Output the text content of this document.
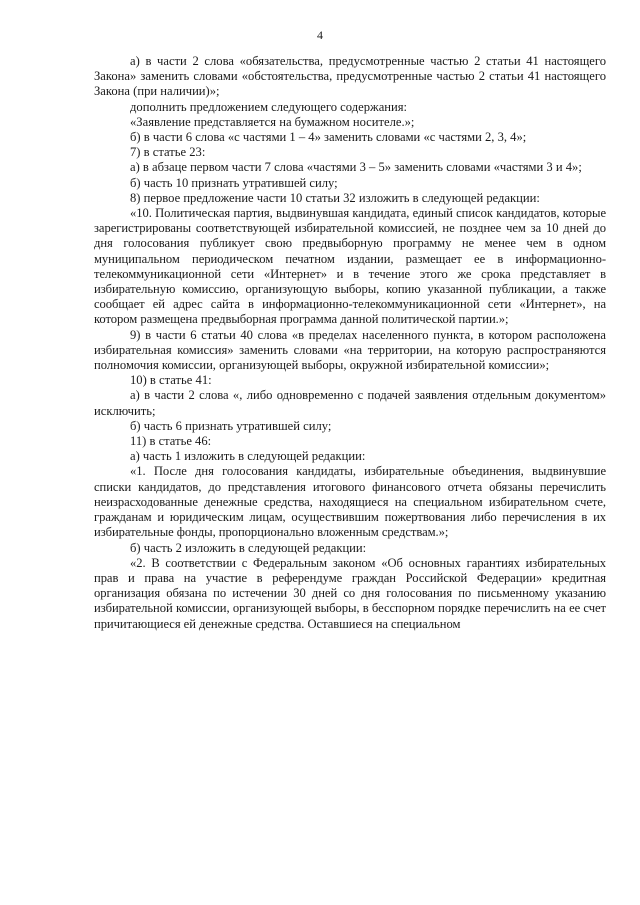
4

а) в части 2 слова «обязательства, предусмотренные частью 2 статьи 41 настоящего Закона» заменить словами «обстоятельства, предусмотренные частью 2 статьи 41 настоящего Закона (при наличии)»;

дополнить предложением следующего содержания:

«Заявление представляется на бумажном носителе.»;

б) в части 6 слова «с частями 1 – 4» заменить словами «с частями 2, 3, 4»;

7) в статье 23:

а) в абзаце первом части 7 слова «частями 3 – 5» заменить словами «частями 3 и 4»;

б) часть 10 признать утратившей силу;

8) первое предложение части 10 статьи 32 изложить в следующей редакции:

«10. Политическая партия, выдвинувшая кандидата, единый список кандидатов, которые зарегистрированы соответствующей избирательной комиссией, не позднее чем за 10 дней до дня голосования публикует свою предвыборную программу не менее чем в одном муниципальном периодическом печатном издании, размещает ее в информационно-телекоммуникационной сети «Интернет» и в течение этого же срока представляет в избирательную комиссию, организующую выборы, копию указанной публикации, а также сообщает ей адрес сайта в информационно-телекоммуникационной сети «Интернет», на котором размещена предвыборная программа данной политической партии.»;

9) в части 6 статьи 40 слова «в пределах населенного пункта, в котором расположена избирательная комиссия» заменить словами «на территории, на которую распространяются полномочия комиссии, организующей выборы, окружной избирательной комиссии»;

10) в статье 41:

а) в части 2 слова «, либо одновременно с подачей заявления отдельным документом» исключить;

б) часть 6 признать утратившей силу;

11) в статье 46:

а) часть 1 изложить в следующей редакции:

«1. После дня голосования кандидаты, избирательные объединения, выдвинувшие списки кандидатов, до представления итогового финансового отчета обязаны перечислить неизрасходованные денежные средства, находящиеся на специальном избирательном счете, гражданам и юридическим лицам, осуществившим пожертвования либо перечисления в их избирательные фонды, пропорционально вложенным средствам.»;

б) часть 2 изложить в следующей редакции:

«2. В соответствии с Федеральным законом «Об основных гарантиях избирательных прав и права на участие в референдуме граждан Российской Федерации» кредитная организация обязана по истечении 30 дней со дня голосования по письменному указанию избирательной комиссии, организующей выборы, в бесспорном порядке перечислить на ее счет причитающиеся ей денежные средства. Оставшиеся на специальном
